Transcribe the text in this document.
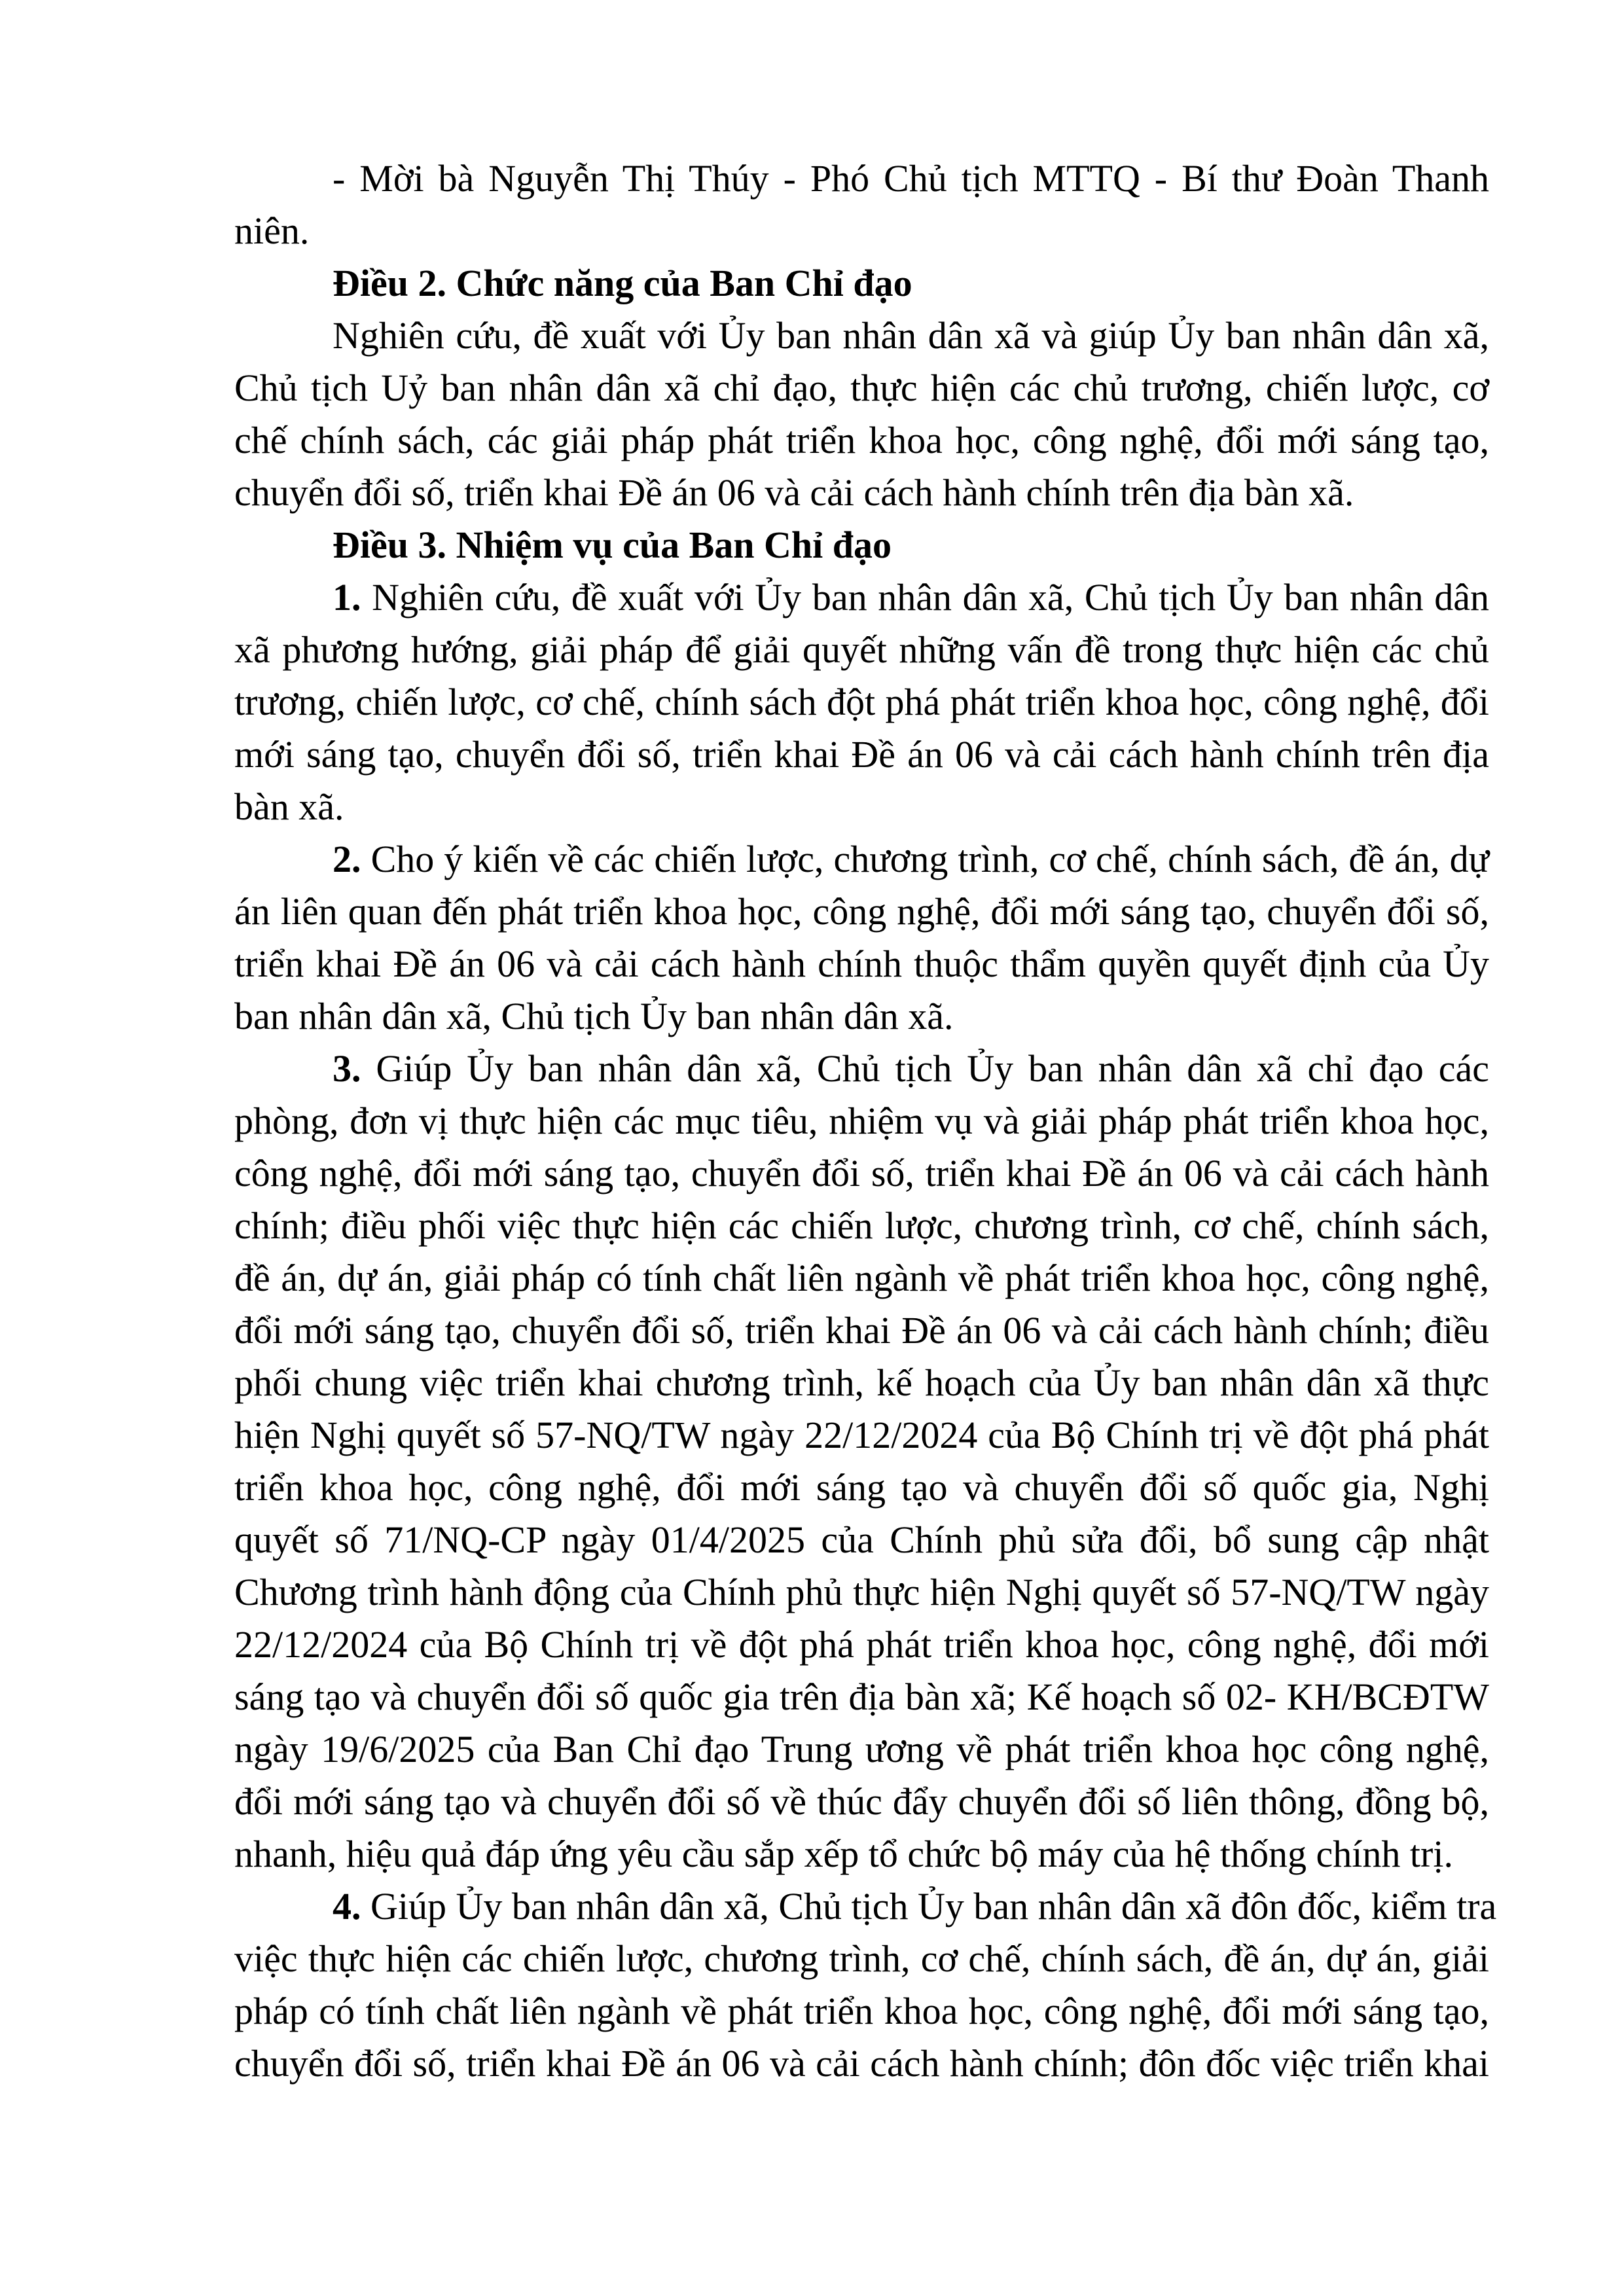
- Mời bà Nguyễn Thị Thúy - Phó Chủ tịch MTTQ - Bí thư Đoàn Thanh
niên.
Điều 2. Chức năng của Ban Chỉ đạo
Nghiên cứu, đề xuất với Ủy ban nhân dân xã và giúp Ủy ban nhân dân xã,
Chủ tịch Uỷ ban nhân dân xã chỉ đạo, thực hiện các chủ trương, chiến lược, cơ
chế chính sách, các giải pháp phát triển khoa học, công nghệ, đổi mới sáng tạo,
chuyển đổi số, triển khai Đề án 06 và cải cách hành chính trên địa bàn xã.
Điều 3. Nhiệm vụ của Ban Chỉ đạo
1. Nghiên cứu, đề xuất với Ủy ban nhân dân xã, Chủ tịch Ủy ban nhân dân
xã phương hướng, giải pháp để giải quyết những vấn đề trong thực hiện các chủ
trương, chiến lược, cơ chế, chính sách đột phá phát triển khoa học, công nghệ, đổi
mới sáng tạo, chuyển đổi số, triển khai Đề án 06 và cải cách hành chính trên địa
bàn xã.
2. Cho ý kiến về các chiến lược, chương trình, cơ chế, chính sách, đề án, dự
án liên quan đến phát triển khoa học, công nghệ, đổi mới sáng tạo, chuyển đổi số,
triển khai Đề án 06 và cải cách hành chính thuộc thẩm quyền quyết định của Ủy
ban nhân dân xã, Chủ tịch Ủy ban nhân dân xã.
3. Giúp Ủy ban nhân dân xã, Chủ tịch Ủy ban nhân dân xã chỉ đạo các
phòng, đơn vị thực hiện các mục tiêu, nhiệm vụ và giải pháp phát triển khoa học,
công nghệ, đổi mới sáng tạo, chuyển đổi số, triển khai Đề án 06 và cải cách hành
chính; điều phối việc thực hiện các chiến lược, chương trình, cơ chế, chính sách,
đề án, dự án, giải pháp có tính chất liên ngành về phát triển khoa học, công nghệ,
đổi mới sáng tạo, chuyển đổi số, triển khai Đề án 06 và cải cách hành chính; điều
phối chung việc triển khai chương trình, kế hoạch của Ủy ban nhân dân xã thực
hiện Nghị quyết số 57-NQ/TW ngày 22/12/2024 của Bộ Chính trị về đột phá phát
triển khoa học, công nghệ, đổi mới sáng tạo và chuyển đổi số quốc gia, Nghị
quyết số 71/NQ-CP ngày 01/4/2025 của Chính phủ sửa đổi, bổ sung cập nhật
Chương trình hành động của Chính phủ thực hiện Nghị quyết số 57-NQ/TW ngày
22/12/2024 của Bộ Chính trị về đột phá phát triển khoa học, công nghệ, đổi mới
sáng tạo và chuyển đổi số quốc gia trên địa bàn xã; Kế hoạch số 02- KH/BCĐTW
ngày 19/6/2025 của Ban Chỉ đạo Trung ương về phát triển khoa học công nghệ,
đổi mới sáng tạo và chuyển đổi số về thúc đẩy chuyển đổi số liên thông, đồng bộ,
nhanh, hiệu quả đáp ứng yêu cầu sắp xếp tổ chức bộ máy của hệ thống chính trị.
4. Giúp Ủy ban nhân dân xã, Chủ tịch Ủy ban nhân dân xã đôn đốc, kiểm tra
việc thực hiện các chiến lược, chương trình, cơ chế, chính sách, đề án, dự án, giải
pháp có tính chất liên ngành về phát triển khoa học, công nghệ, đổi mới sáng tạo,
chuyển đổi số, triển khai Đề án 06 và cải cách hành chính; đôn đốc việc triển khai
